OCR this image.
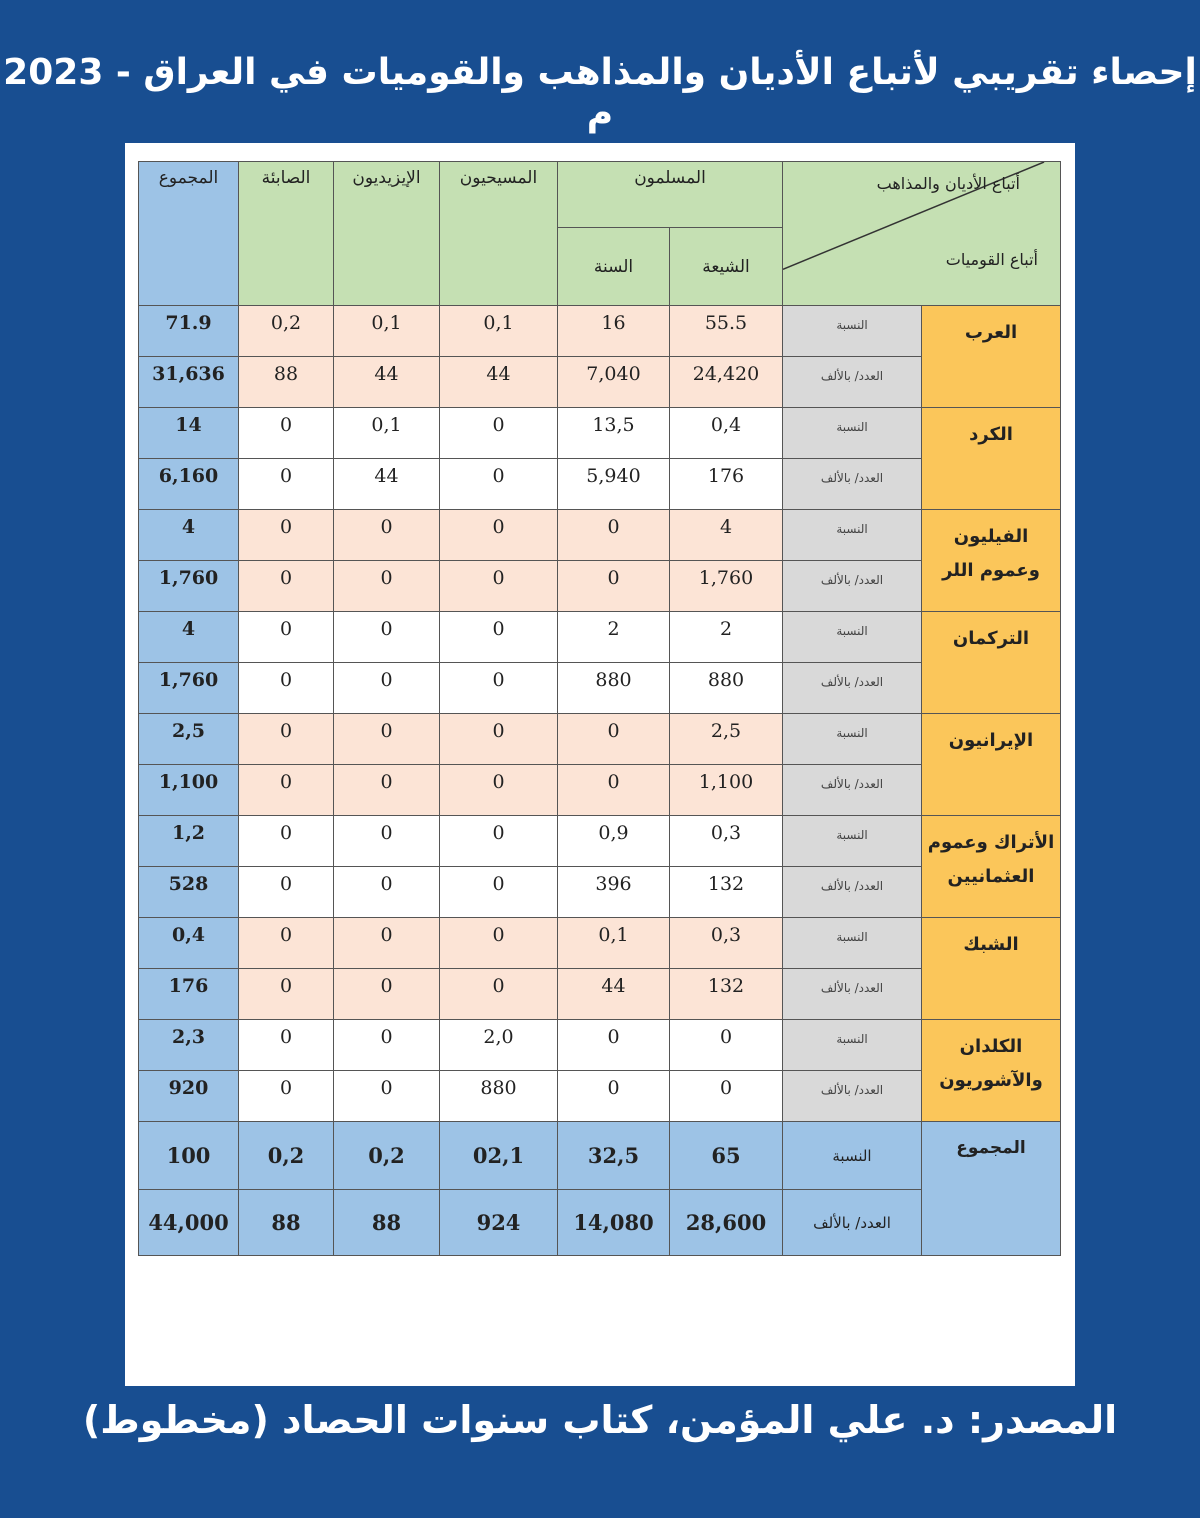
إحصاء تقريبي لأتباع الأديان والمذاهب والقوميات في العراق - 2023 م
أتباع الأديان والمذاهب
أتباع القوميات		المسلمون		المسيحيون	الإيزيديون	الصابئة	المجموع
		الشيعة	السنة				
العرب	النسبة	55.5	16	0,1	0,1	0,2	71.9
	العدد/ بالألف	24,420	7,040	44	44	88	31,636
الكرد	النسبة	0,4	13,5	0	0,1	0	14
	العدد/ بالألف	176	5,940	0	44	0	6,160
الفيليون وعموم اللر	النسبة	4	0	0	0	0	4
	العدد/ بالألف	1,760	0	0	0	0	1,760
التركمان	النسبة	2	2	0	0	0	4
	العدد/ بالألف	880	880	0	0	0	1,760
الإيرانيون	النسبة	2,5	0	0	0	0	2,5
	العدد/ بالألف	1,100	0	0	0	0	1,100
الأتراك وعموم العثمانيين	النسبة	0,3	0,9	0	0	0	1,2
	العدد/ بالألف	132	396	0	0	0	528
الشبك	النسبة	0,3	0,1	0	0	0	0,4
	العدد/ بالألف	132	44	0	0	0	176
الكلدان والآشوريون	النسبة	0	0	2,0	0	0	2,3
	العدد/ بالألف	0	0	880	0	0	920
المجموع	النسبة	65	32,5	02,1	0,2	0,2	100
	العدد/ بالألف	28,600	14,080	924	88	88	44,000
المصدر: د. علي المؤمن، كتاب سنوات الحصاد (مخطوط)
